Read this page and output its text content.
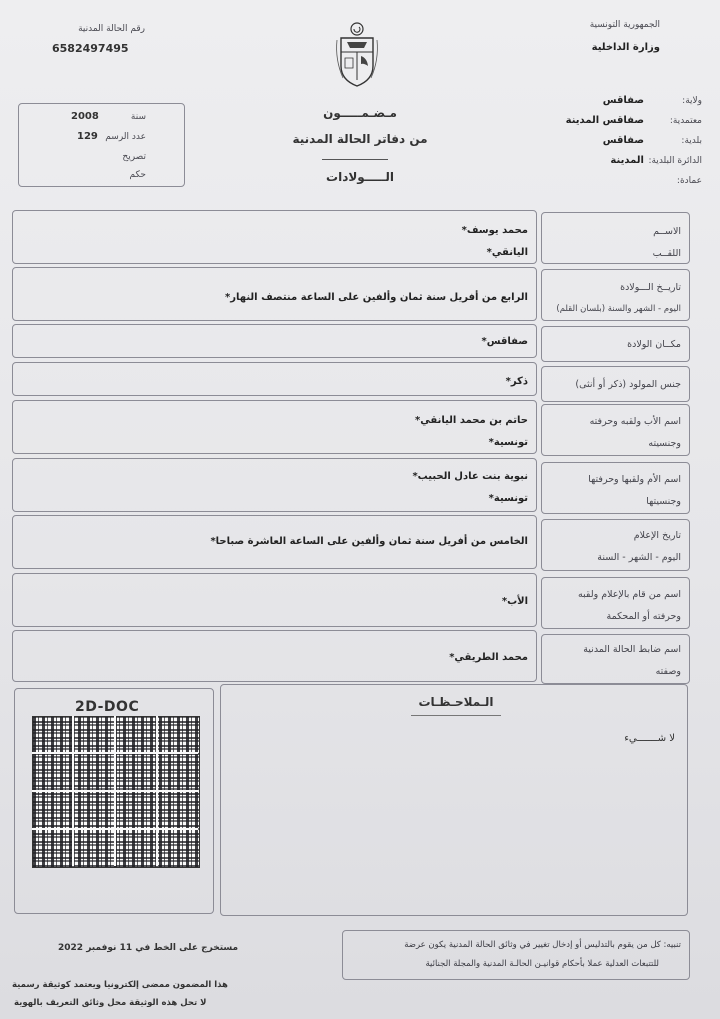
الجمهورية التونسية
وزارة الداخلية
رقم الحالة المدنية
6582497495
ولاية:
صفاقس
معتمدية:
صفاقس المدينة
بلدية:
صفاقس
الدائرة البلدية:
المدينة
عمادة:
مـضـمـــــون
من دفاتر الحالة المدنية
الـــــولادات
سنة
2008
عدد الرسم
129
تصريح
حكم
الاســم
اللقــب
محمد يوسف*
اليانقي*
تاريــخ الـــولادة
اليوم - الشهر والسنة (بلسان القلم)
الرابع من أفريل سنة ثمان وألفين على الساعة منتصف النهار*
مكــان الولادة
صفاقس*
جنس المولود (ذكر أو أنثى)
ذكر*
اسم الأب ولقبه وحرفته
وجنسيته
حاتم بن محمد اليانقي*
تونسية*
اسم الأم ولقبها وحرفتها
وجنسيتها
نبوية بنت عادل الحبيب*
تونسية*
تاريخ الإعلام
اليوم - الشهر - السنة
الخامس من أفريل سنة ثمان وألفين على الساعة العاشرة صباحا*
اسم من قام بالإعلام ولقبه
وحرفته أو المحكمة
الأب*
اسم ضابط الحالة المدنية
وصفته
محمد الطريقي*
2D-DOC	الـملاحـظـات
لا شـــــــيء
مستخرج على الخط في 11 نوفمبر 2022
هذا المضمون ممضى إلكترونيا ويعتمد كوثيقة رسمية
لا تحل هذه الوثيقة محل وثائق التعريف بالهوية
تنبيه: كل من يقوم بالتدليس أو إدخال تغيير في وثائق الحالة المدنية يكون عرضة
للتتبعات العدلية عملا بأحكام قوانيـن الحالـة المدنية والمجلة الجنائية
